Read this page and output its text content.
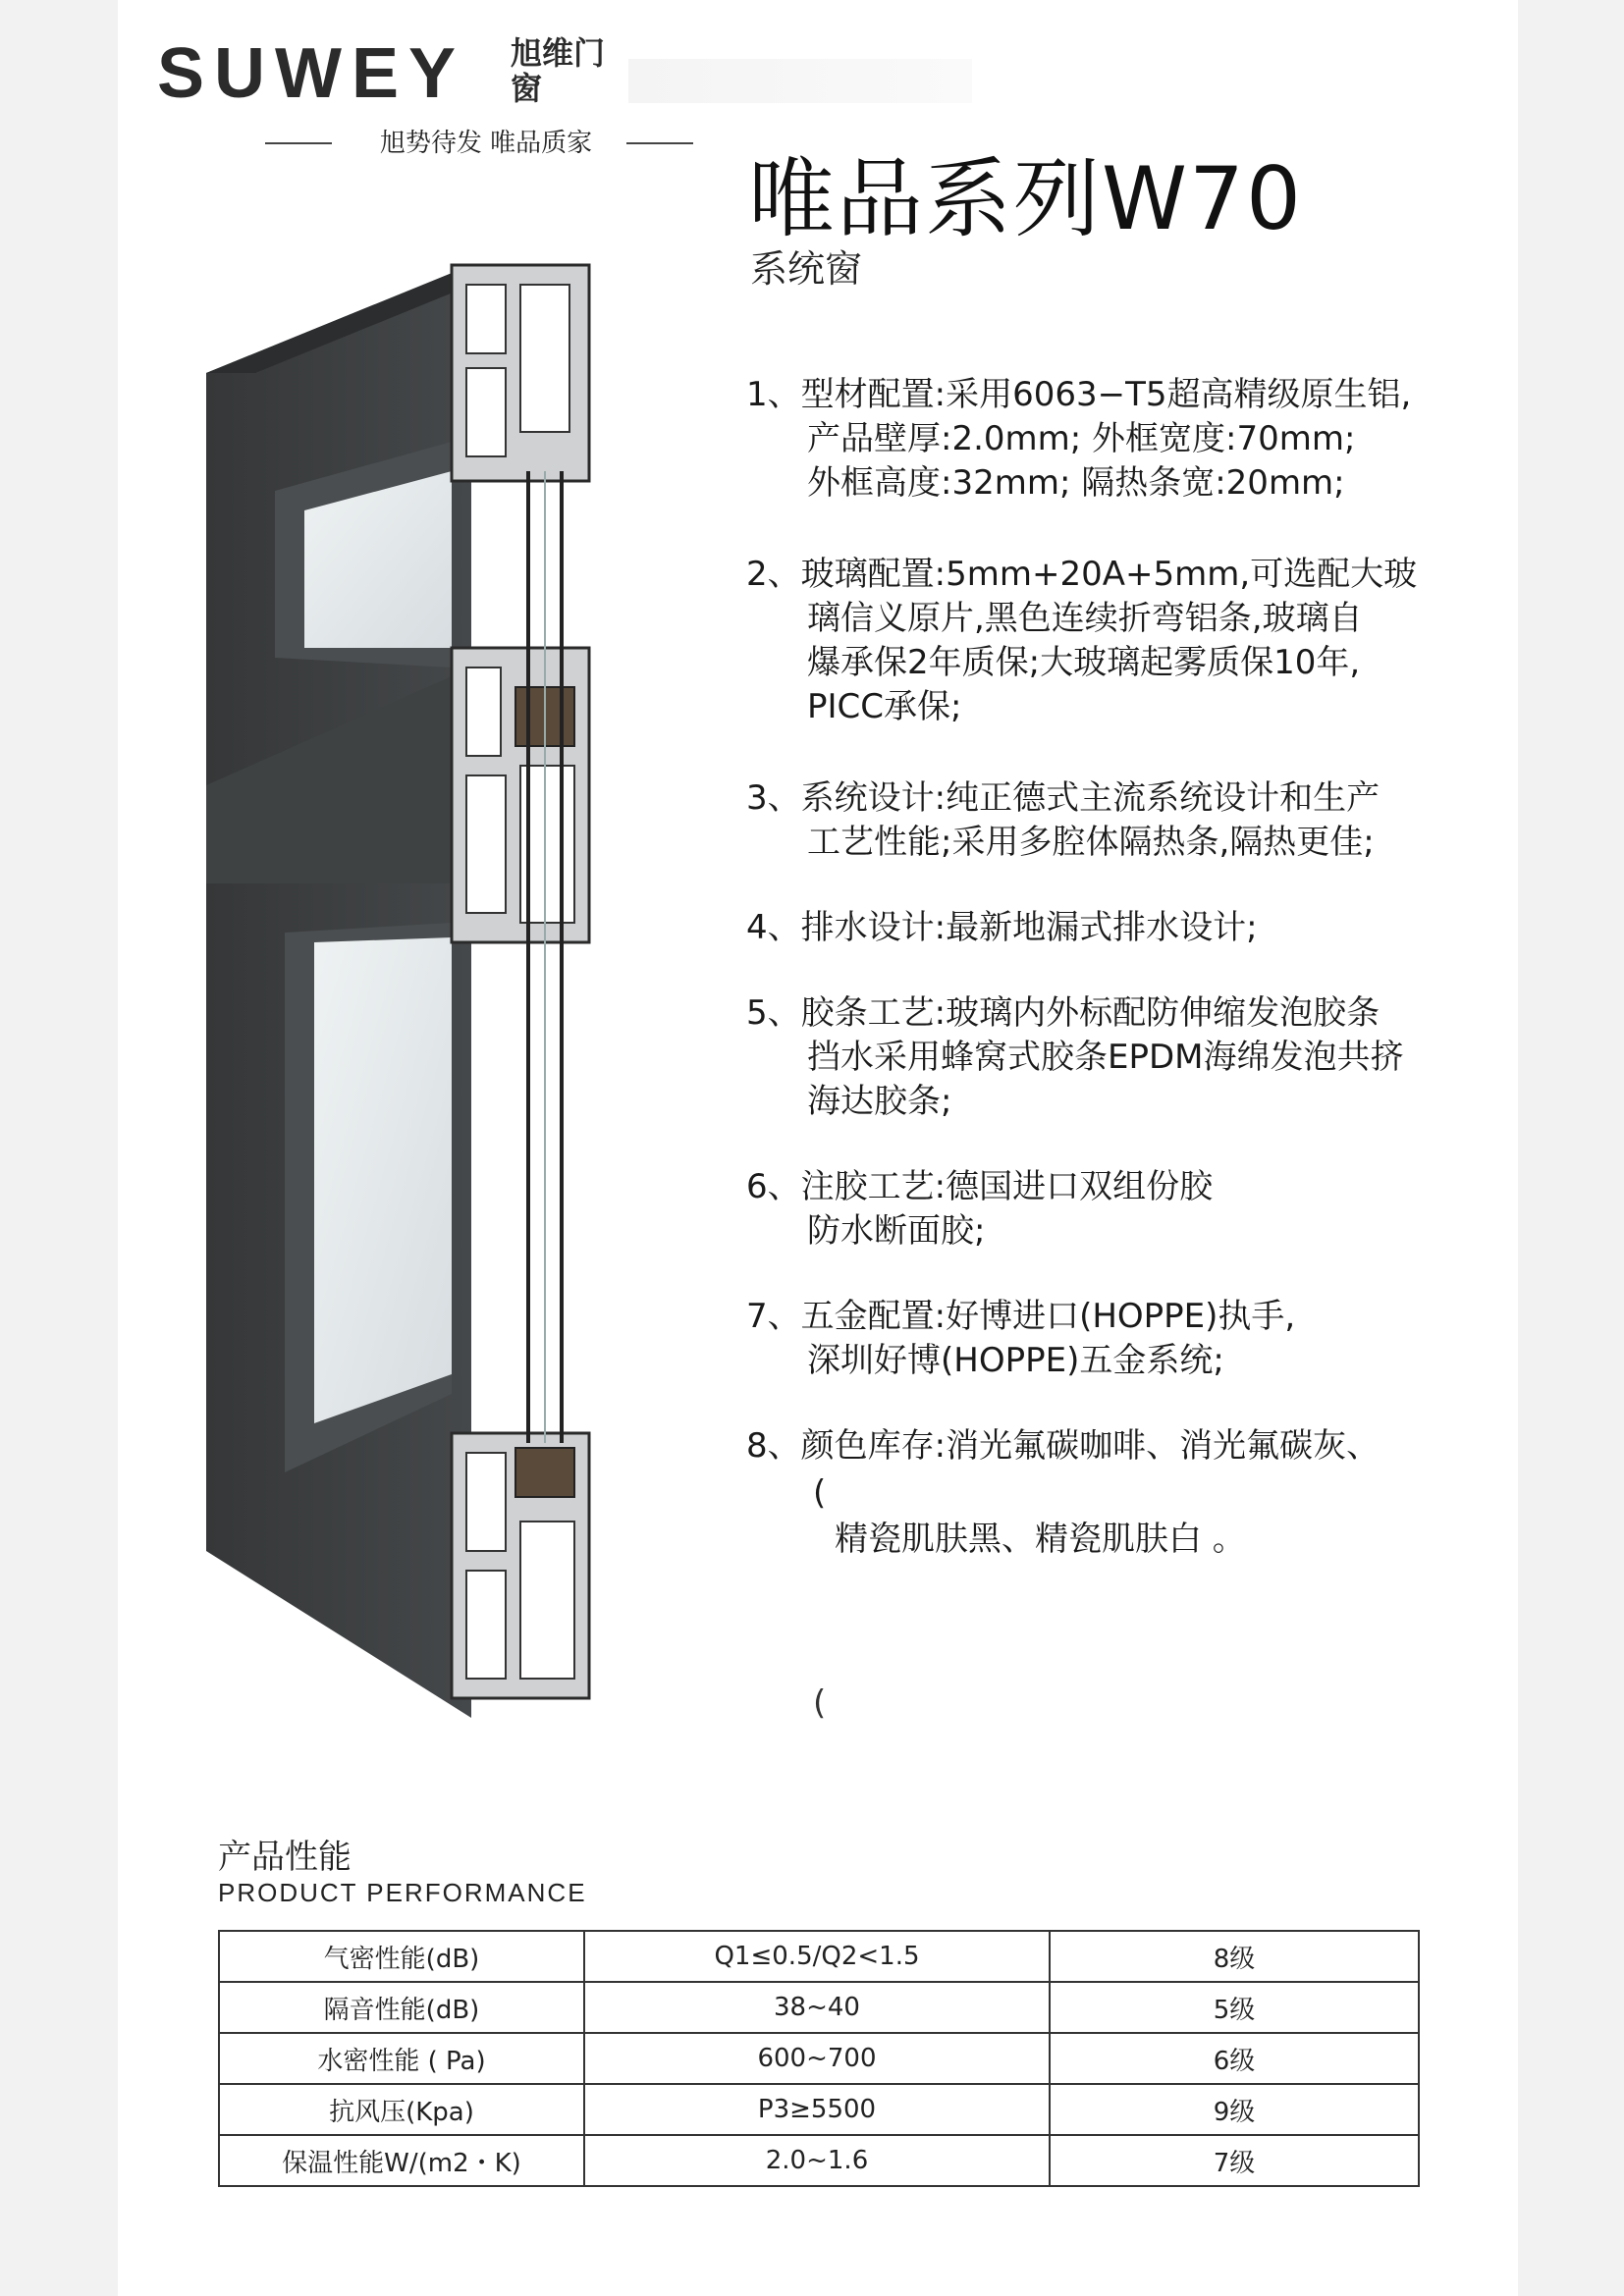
SUWEY 旭维门窗
旭势待发 唯品质家
唯品系列W70
系统窗
1、型材配置:采用6063−T5超高精级原生铝,
产品壁厚:2.0mm; 外框宽度:70mm;
外框高度:32mm; 隔热条宽:20mm;
2、玻璃配置:5mm+20A+5mm,可选配大玻
璃信义原片,黑色连续折弯铝条,玻璃自
爆承保2年质保;大玻璃起雾质保10年,
PICC承保;
3、系统设计:纯正德式主流系统设计和生产
工艺性能;采用多腔体隔热条,隔热更佳;
4、排水设计:最新地漏式排水设计;
5、胶条工艺:玻璃内外标配防伸缩发泡胶条
挡水采用蜂窝式胶条EPDM海绵发泡共挤
海达胶条;
6、注胶工艺:德国进口双组份胶
防水断面胶;
7、五金配置:好博进口(HOPPE)执手,
深圳好博(HOPPE)五金系统;
8、颜色库存:消光氟碳咖啡、消光氟碳灰、
(
精瓷肌肤黑、精瓷肌肤白 。
(
产品性能
PRODUCT PERFORMANCE
气密性能(dB)	Q1≤0.5/Q2<1.5	8级
隔音性能(dB)	38~40	5级
水密性能 ( Pa)	600~700	6级
抗风压(Kpa)	P3≥5500	9级
保温性能W/(m2・K)	2.0~1.6	7级
